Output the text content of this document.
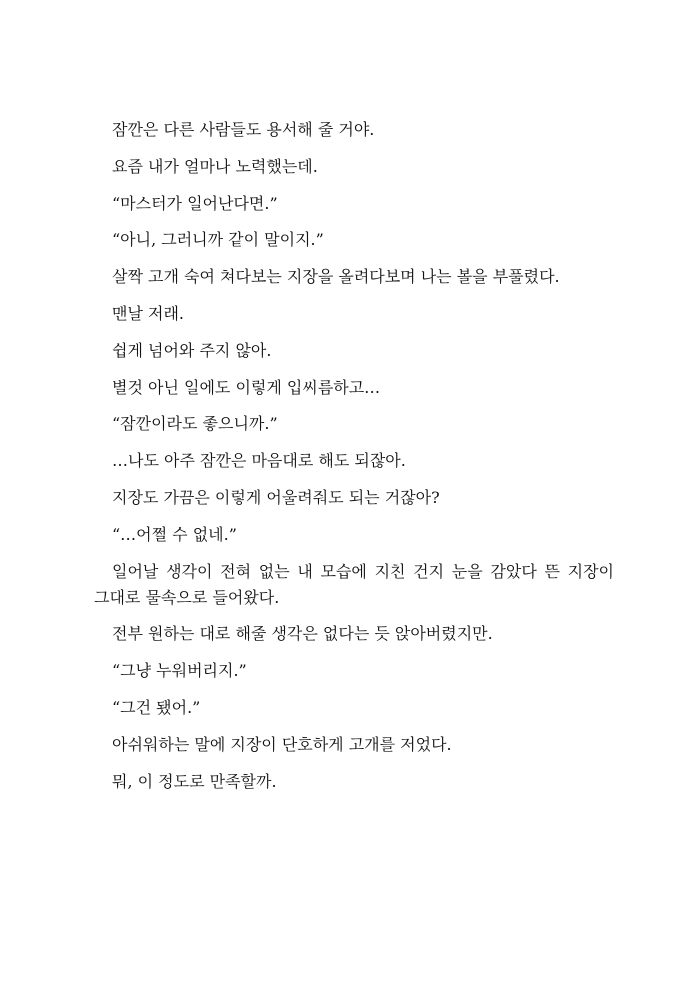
잠깐은 다른 사람들도 용서해 줄 거야.

요즘 내가 얼마나 노력했는데.

“마스터가 일어난다면.”

“아니, 그러니까 같이 말이지.”

살짝 고개 숙여 쳐다보는 지장을 올려다보며 나는 볼을 부풀렸다.

맨날 저래.

쉽게 넘어와 주지 않아.

별것 아닌 일에도 이렇게 입씨름하고…

“잠깐이라도 좋으니까.”

…나도 아주 잠깐은 마음대로 해도 되잖아.

지장도 가끔은 이렇게 어울려줘도 되는 거잖아?

“…어쩔 수 없네.”

일어날 생각이 전혀 없는 내 모습에 지친 건지 눈을 감았다 뜬 지장이 그대로 물속으로 들어왔다.

전부 원하는 대로 해줄 생각은 없다는 듯 앉아버렸지만.

“그냥 누워버리지.”

“그건 됐어.”

아쉬워하는 말에 지장이 단호하게 고개를 저었다.

뭐, 이 정도로 만족할까.
